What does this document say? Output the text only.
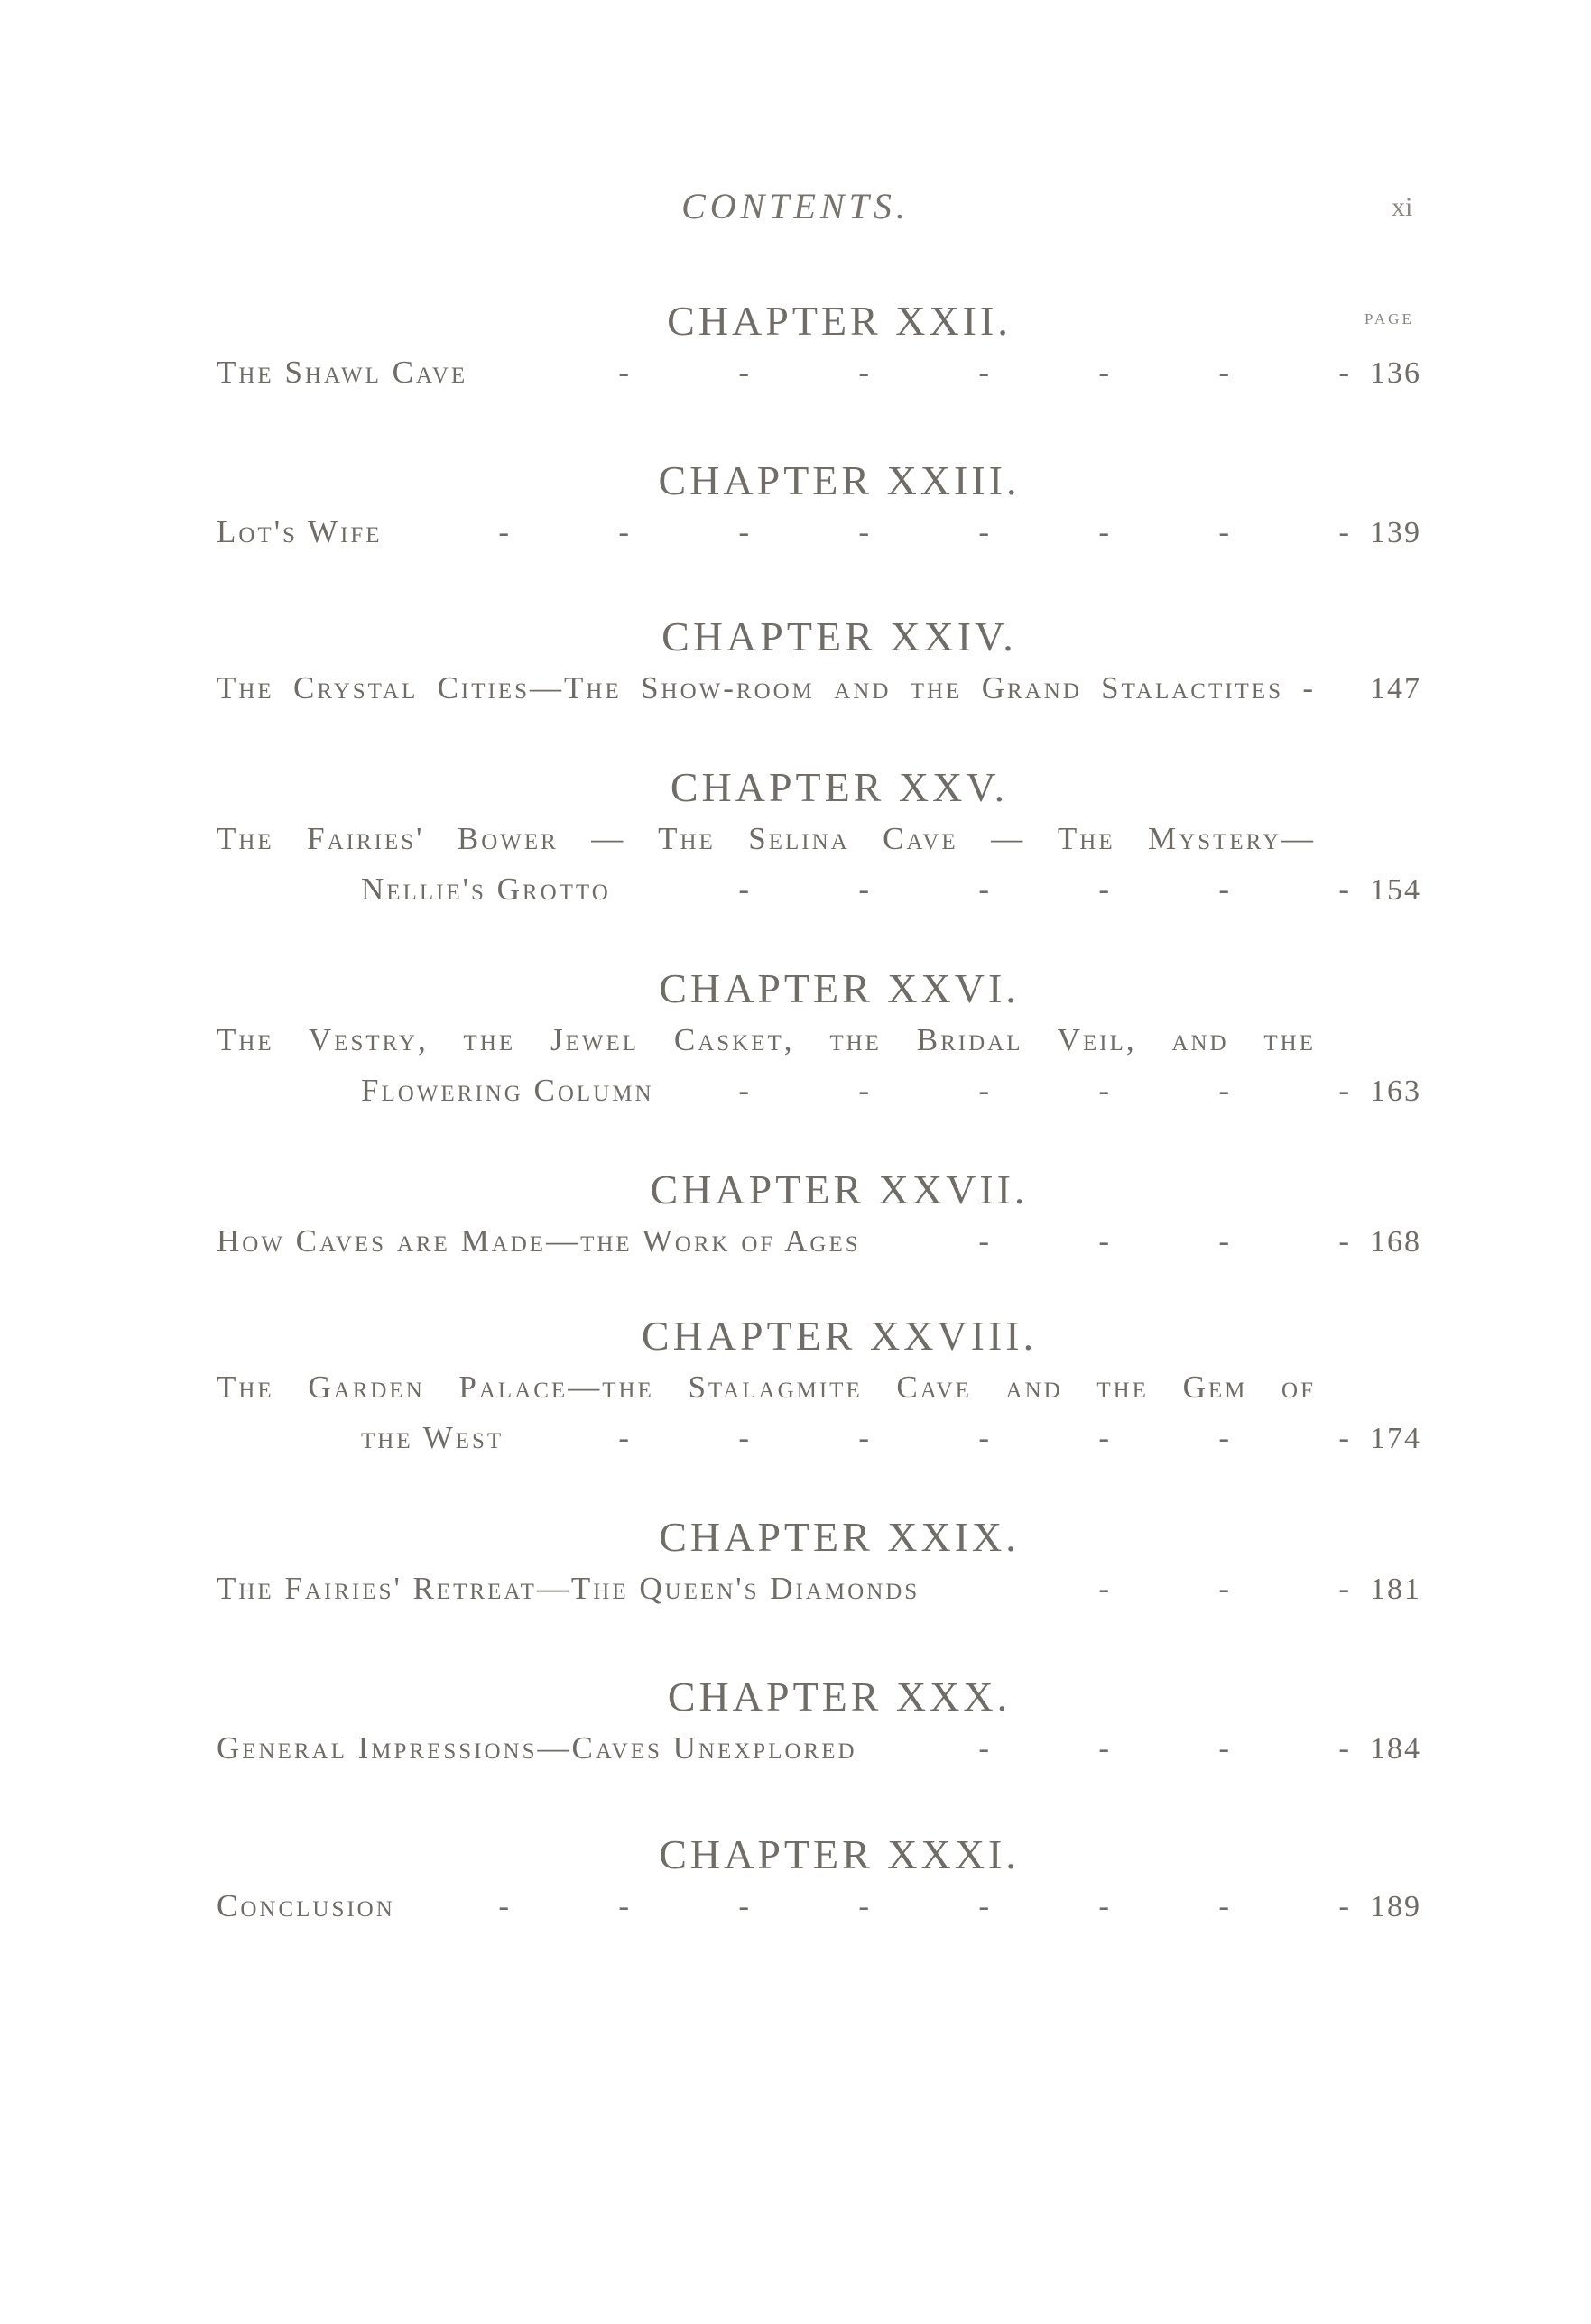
CONTENTS.	xi
PAGE
CHAPTER XXII.
The Shawl Cave	-	-	-	-	-	-	- 136
CHAPTER XXIII.
Lot's Wife	-	-	-	-	-	-	-	- 139
CHAPTER XXIV.
The Crystal Cities—The Show-room and the Grand Stalactites -	147
CHAPTER XXV.
The Fairies' Bower — The Selina Cave — The Mystery—
Nellie's Grotto	-	-	-	-	-	- 154
CHAPTER XXVI.
The Vestry, the Jewel Casket, the Bridal Veil, and the
Flowering Column	-	-	-	-	-	- 163
CHAPTER XXVII.
How Caves are Made—the Work of Ages	-	-	-	- 168
CHAPTER XXVIII.
The Garden Palace—the Stalagmite Cave and the Gem of
the West	-	-	-	-	-	-	- 174
CHAPTER XXIX.
The Fairies' Retreat—The Queen's Diamonds	-	-	- 181
CHAPTER XXX.
General Impressions—Caves Unexplored	-	-	-	- 184
CHAPTER XXXI.
Conclusion	-	-	-	-	-	-	-	- 189
